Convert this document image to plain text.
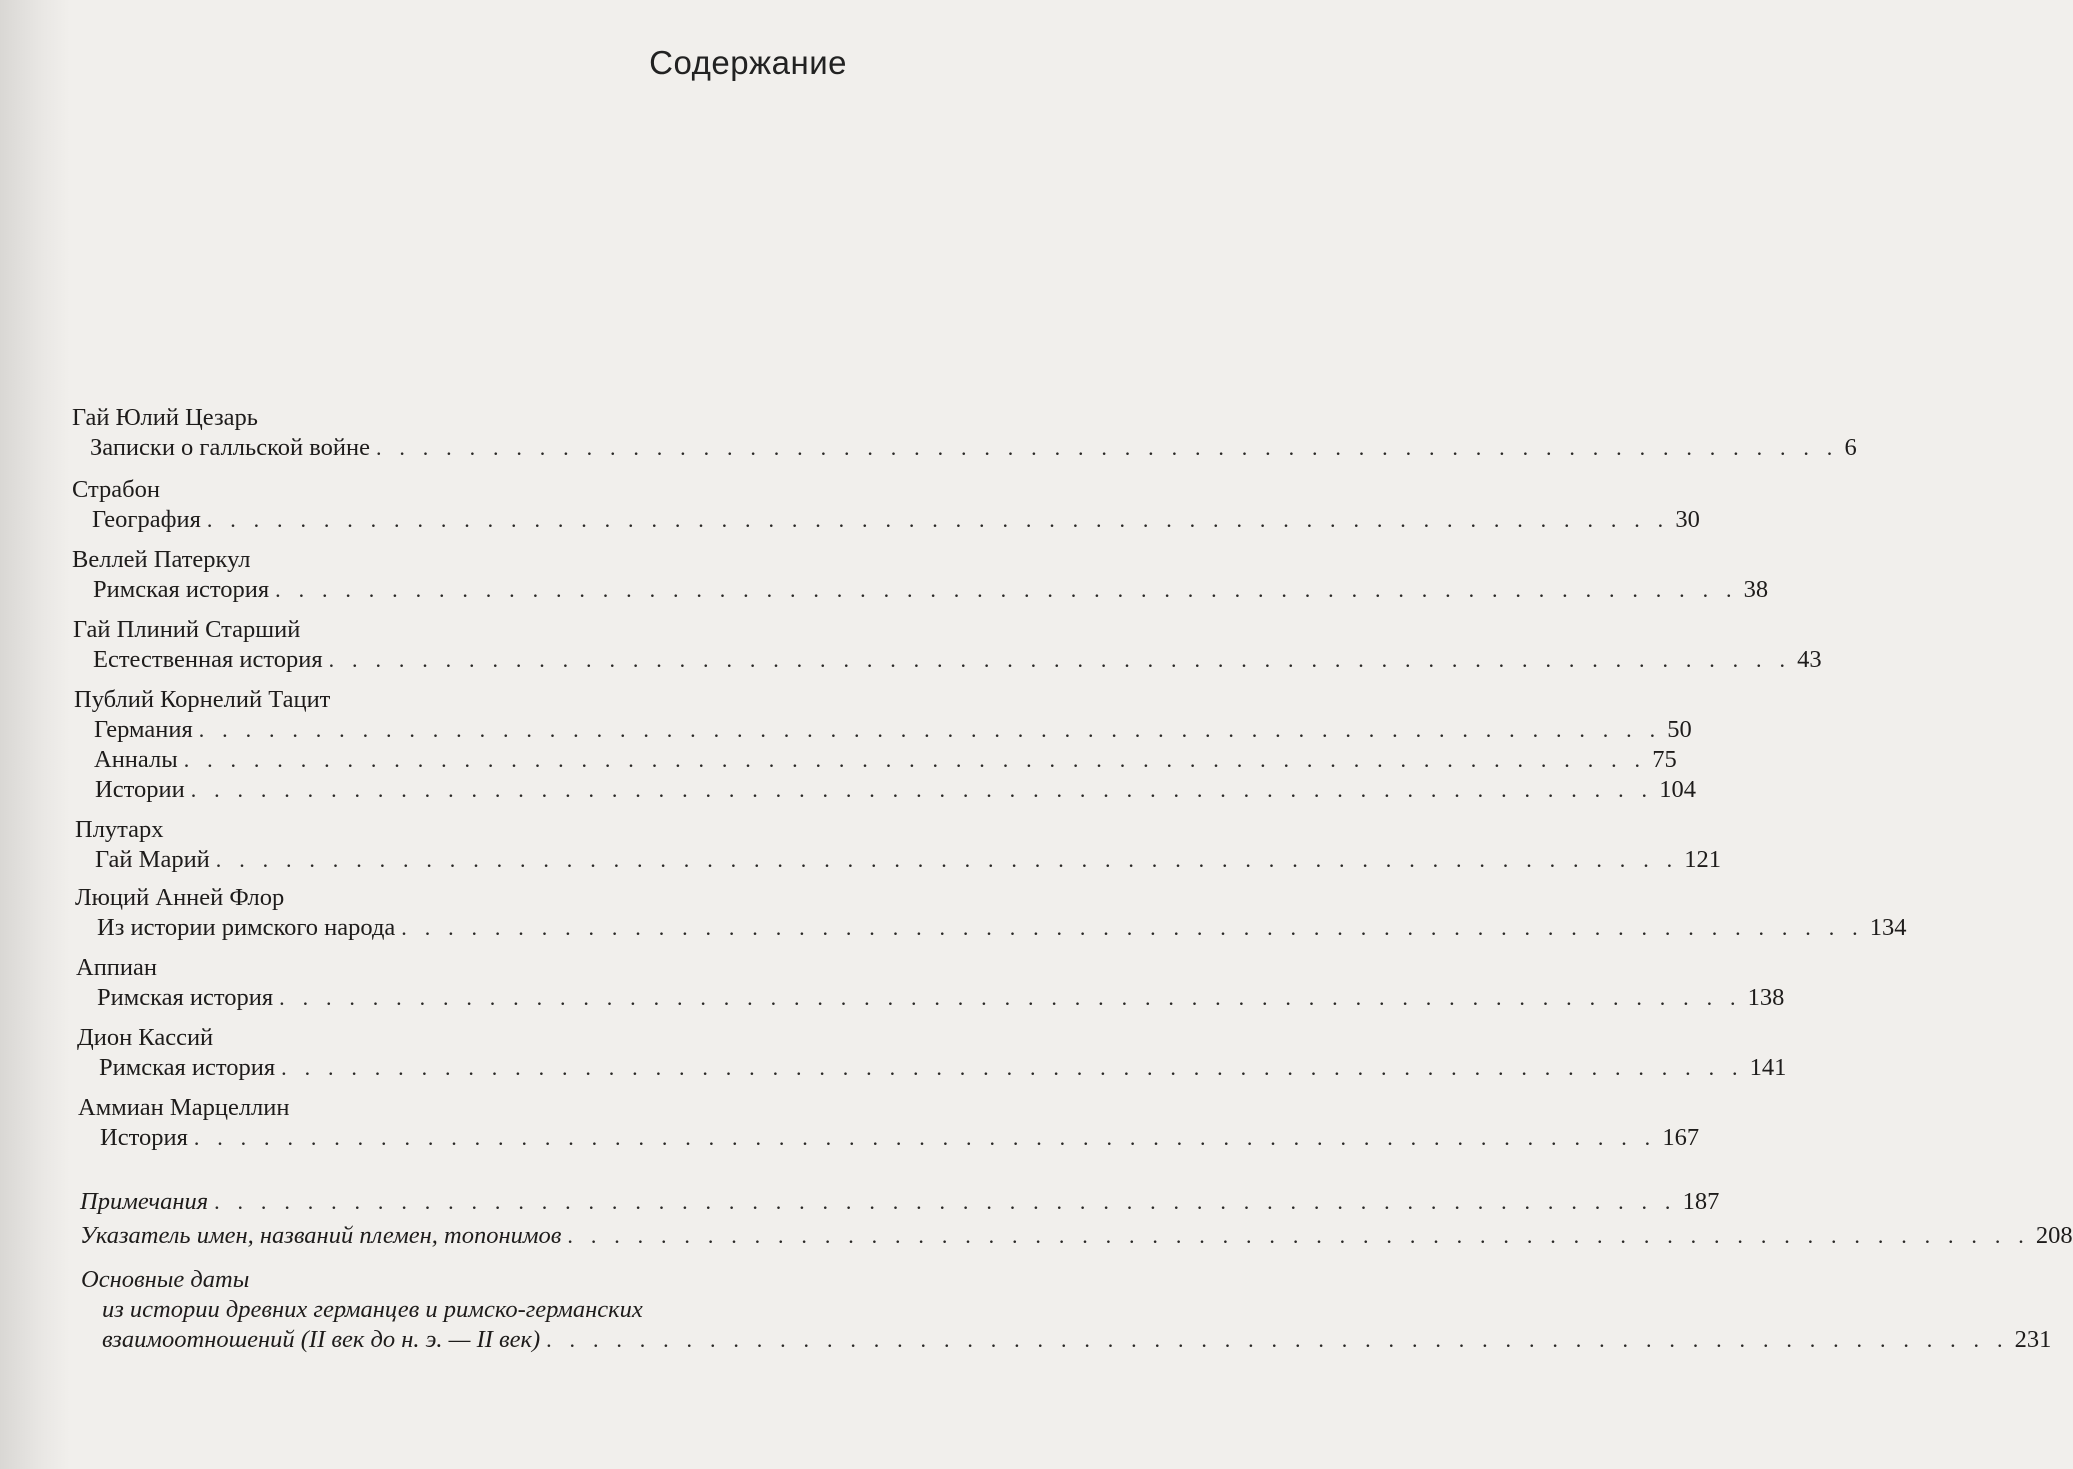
Содержание
Гай Юлий Цезарь
Записки о галльской войне . . . . . . . . . . . . . . . . . . . . . . . . . . . . . . . . . . . . . . . . . . . . . . . . . . . . . . . . . . . . . . . 6
Страбон
География . . . . . . . . . . . . . . . . . . . . . . . . . . . . . . . . . . . . . . . . . . . . . . . . . . . . . . . . . . . . . . . 30
Веллей Патеркул
Римская история . . . . . . . . . . . . . . . . . . . . . . . . . . . . . . . . . . . . . . . . . . . . . . . . . . . . . . . . . . . . . . . 38
Гай Плиний Старший
Естественная история . . . . . . . . . . . . . . . . . . . . . . . . . . . . . . . . . . . . . . . . . . . . . . . . . . . . . . . . . . . . . . . 43
Публий Корнелий Тацит
Германия . . . . . . . . . . . . . . . . . . . . . . . . . . . . . . . . . . . . . . . . . . . . . . . . . . . . . . . . . . . . . . . 50
Анналы . . . . . . . . . . . . . . . . . . . . . . . . . . . . . . . . . . . . . . . . . . . . . . . . . . . . . . . . . . . . . . . 75
Истории . . . . . . . . . . . . . . . . . . . . . . . . . . . . . . . . . . . . . . . . . . . . . . . . . . . . . . . . . . . . . . . 104
Плутарх
Гай Марий . . . . . . . . . . . . . . . . . . . . . . . . . . . . . . . . . . . . . . . . . . . . . . . . . . . . . . . . . . . . . . . 121
Люций Анней Флор
Из истории римского народа . . . . . . . . . . . . . . . . . . . . . . . . . . . . . . . . . . . . . . . . . . . . . . . . . . . . . . . . . . . . . . . 134
Аппиан
Римская история . . . . . . . . . . . . . . . . . . . . . . . . . . . . . . . . . . . . . . . . . . . . . . . . . . . . . . . . . . . . . . . 138
Дион Кассий
Римская история . . . . . . . . . . . . . . . . . . . . . . . . . . . . . . . . . . . . . . . . . . . . . . . . . . . . . . . . . . . . . . . 141
Аммиан Марцеллин
История . . . . . . . . . . . . . . . . . . . . . . . . . . . . . . . . . . . . . . . . . . . . . . . . . . . . . . . . . . . . . . . 167
Примечания . . . . . . . . . . . . . . . . . . . . . . . . . . . . . . . . . . . . . . . . . . . . . . . . . . . . . . . . . . . . . . . 187
Указатель имен, названий племен, топонимов . . . . . . . . . . . . . . . . . . . . . . . . . . . . . . . . . . . . . . . . . . . . . . . . . . . . . . . . . . . . . . . 208
Основные даты
из истории древних германцев и римско-германских
взаимоотношений (II век до н. э. — II век) . . . . . . . . . . . . . . . . . . . . . . . . . . . . . . . . . . . . . . . . . . . . . . . . . . . . . . . . . . . . . . . 231
